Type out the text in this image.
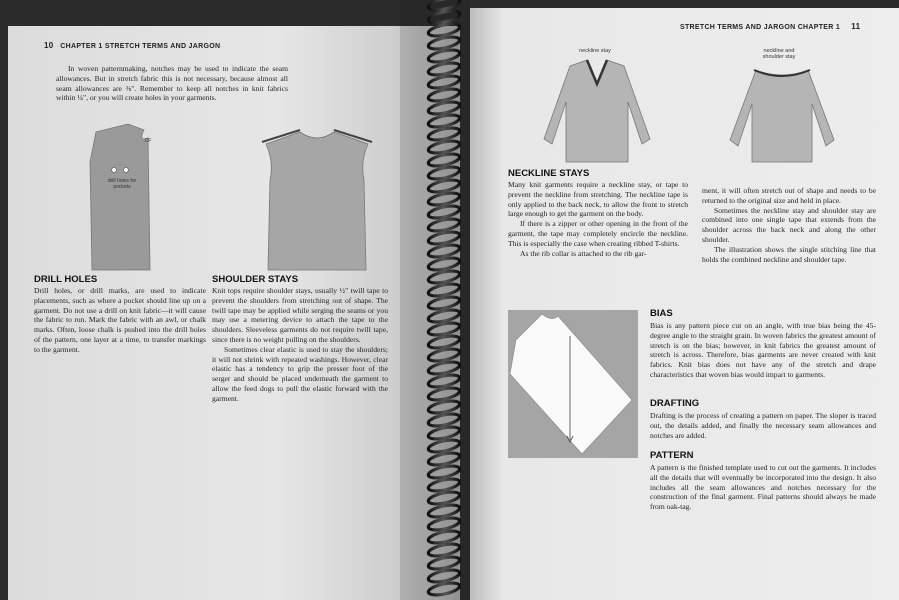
10 CHAPTER 1 STRETCH TERMS AND JARGON
In woven patternmaking, notches may be used to indicate the seam allowances. But in stretch fabric this is not necessary, because almost all seam allowances are ⅜". Remember to keep all notches in knit fabrics within ¼", or you will create holes in your garments.
CF
drill holes for pockets
DRILL HOLES
Drill holes, or drill marks, are used to indicate placements, such as where a pocket should line up on a garment. Do not use a drill on knit fabric—it will cause the fabric to run. Mark the fabric with an awl, or chalk marks. Often, loose chalk is pushed into the drill holes of the pattern, one layer at a time, to transfer markings to the garment.
SHOULDER STAYS

Knit tops require shoulder stays, usually ½" twill tape to prevent the shoulders from stretching out of shape. The twill tape may be applied while serging the seams or you may use a metering device to attach the tape to the shoulders. Sleeveless garments do not require twill tape, since there is no weight pulling on the shoulders.

Sometimes clear elastic is used to stay the shoulders; it will not shrink with repeated washings. However, clear elastic has a tendency to grip the presser foot of the serger and should be placed underneath the garment to allow the feed dogs to pull the elastic forward with the garment.

STRETCH TERMS AND JARGON CHAPTER 1 11
neckline stay	neckline and shoulder stay
NECKLINE STAYS

Many knit garments require a neckline stay, or tape to prevent the neckline from stretching. The neckline tape is only applied to the back neck, to allow the front to stretch large enough to get the garment on the body.

If there is a zipper or other opening in the front of the garment, the tape may completely encircle the neckline. This is especially the case when creating ribbed T-shirts.

As the rib collar is attached to the rib gar-

ment, it will often stretch out of shape and needs to be returned to the original size and held in place.

Sometimes the neckline stay and shoulder stay are combined into one single tape that extends from the shoulder across the back neck and along the other shoulder.

The illustration shows the single stitching line that holds the combined neckline and shoulder tape.

BIAS
Bias is any pattern piece cut on an angle, with true bias being the 45-degree angle to the straight grain. In woven fabrics the greatest amount of stretch is on the bias; however, in knit fabrics the greatest amount of stretch is across. Therefore, bias garments are never created with knit fabrics. Knit bias does not have any of the stretch and drape characteristics that woven bias would impart to garments.
DRAFTING
Drafting is the process of creating a pattern on paper. The sloper is traced out, the details added, and finally the necessary seam allowances and notches are added.
PATTERN
A pattern is the finished template used to cut out the garments. It includes all the details that will eventually be incorporated into the design. It also includes all the seam allowances and notches necessary for the construction of the final garment. Final patterns should always be made from oak-tag.
